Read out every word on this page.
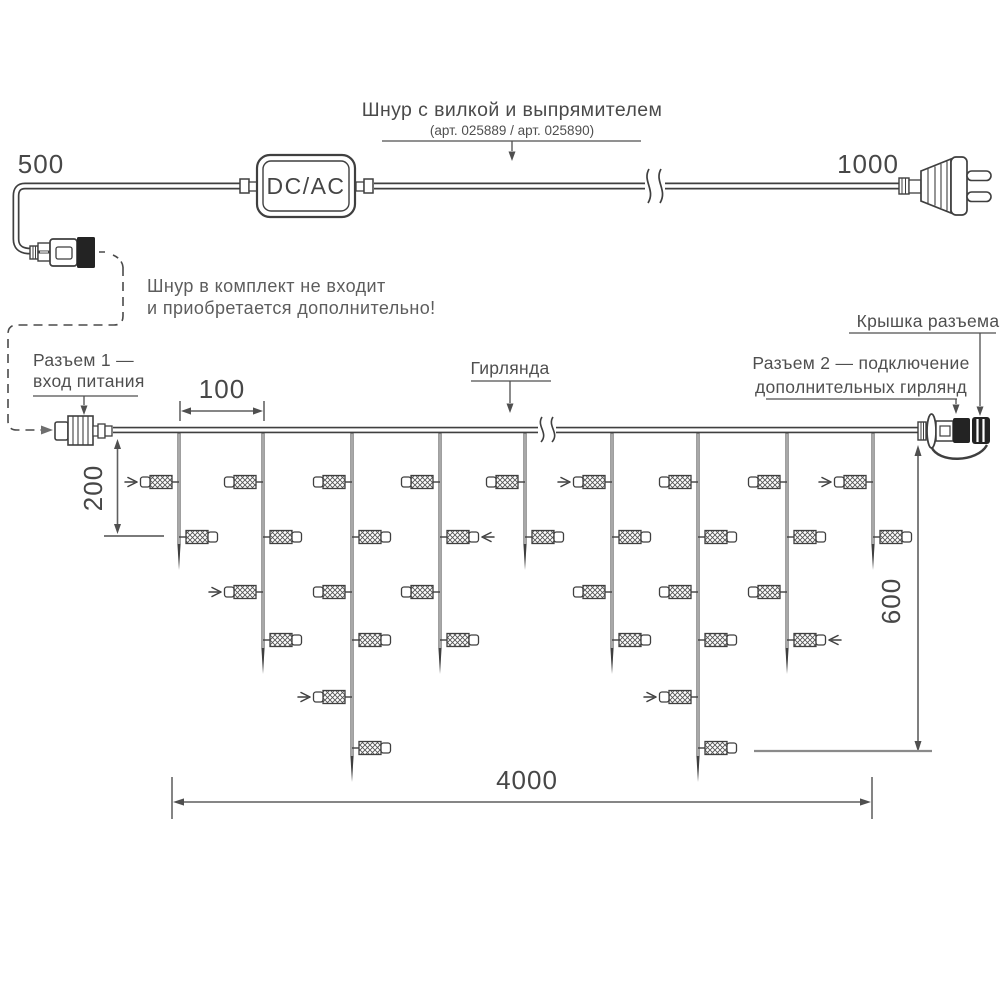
DC/AC
500	1000
Шнур с вилкой и выпрямителем
(арт. 025889 / арт. 025890)
Шнур в комплект не входит
и приобретается дополнительно!
Гирлянда
Разъем 1 —
вход питания
Разъем 2 — подключение
дополнительных гирлянд
Крышка разъема
100
200
600
4000
